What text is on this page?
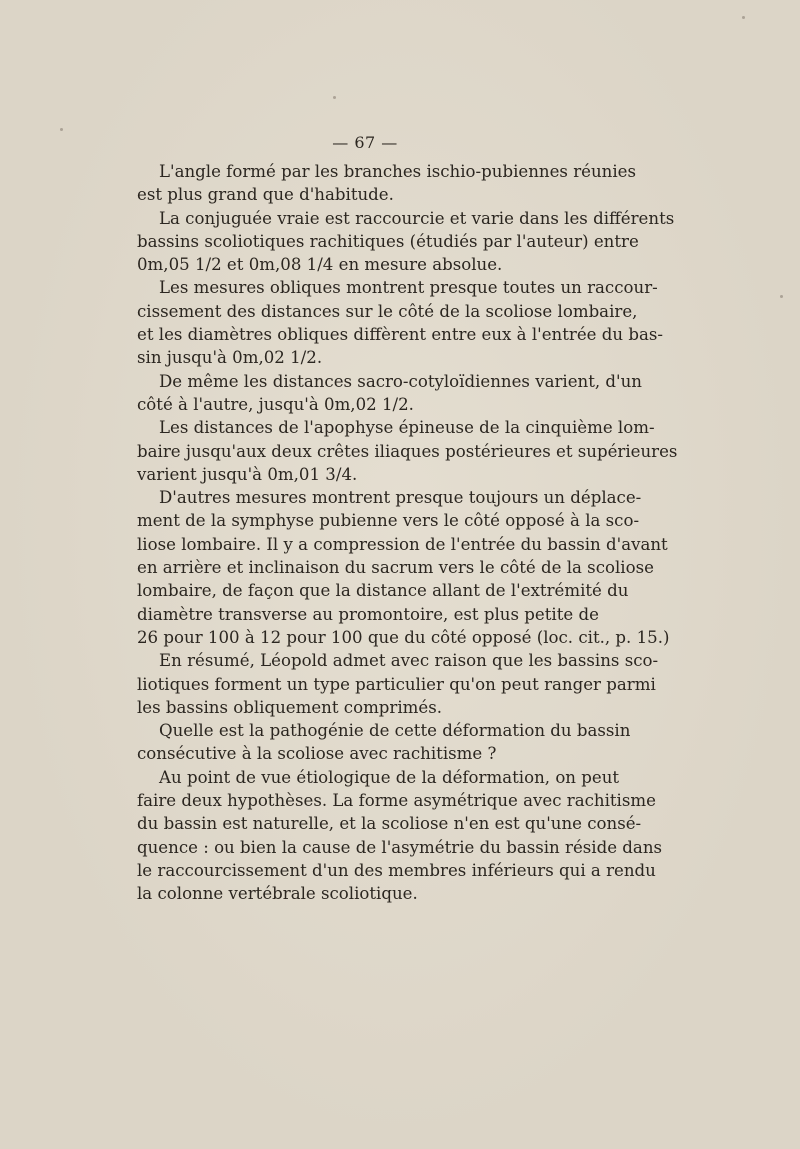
— 67 —
L'angle formé par les branches ischio-pubiennes réunies
est plus grand que d'habitude.
La conjuguée vraie est raccourcie et varie dans les différents
bassins scoliotiques rachitiques (étudiés par l'auteur) entre
0m,05 1/2 et 0m,08 1/4 en mesure absolue.
Les mesures obliques montrent presque toutes un raccour-
cissement des distances sur le côté de la scoliose lombaire,
et les diamètres obliques diffèrent entre eux à l'entrée du bas-
sin jusqu'à 0m,02 1/2.
De même les distances sacro-cotyloïdiennes varient, d'un
côté à l'autre, jusqu'à 0m,02 1/2.
Les distances de l'apophyse épineuse de la cinquième lom-
baire jusqu'aux deux crêtes iliaques postérieures et supérieures
varient jusqu'à 0m,01 3/4.
D'autres mesures montrent presque toujours un déplace-
ment de la symphyse pubienne vers le côté opposé à la sco-
liose lombaire. Il y a compression de l'entrée du bassin d'avant
en arrière et inclinaison du sacrum vers le côté de la scoliose
lombaire, de façon que la distance allant de l'extrémité du
diamètre transverse au promontoire, est plus petite de
26 pour 100 à 12 pour 100 que du côté opposé (loc. cit., p. 15.)
En résumé, Léopold admet avec raison que les bassins sco-
liotiques forment un type particulier qu'on peut ranger parmi
les bassins obliquement comprimés.
Quelle est la pathogénie de cette déformation du bassin
consécutive à la scoliose avec rachitisme ?
Au point de vue étiologique de la déformation, on peut
faire deux hypothèses. La forme asymétrique avec rachitisme
du bassin est naturelle, et la scoliose n'en est qu'une consé-
quence : ou bien la cause de l'asymétrie du bassin réside dans
le raccourcissement d'un des membres inférieurs qui a rendu
la colonne vertébrale scoliotique.
